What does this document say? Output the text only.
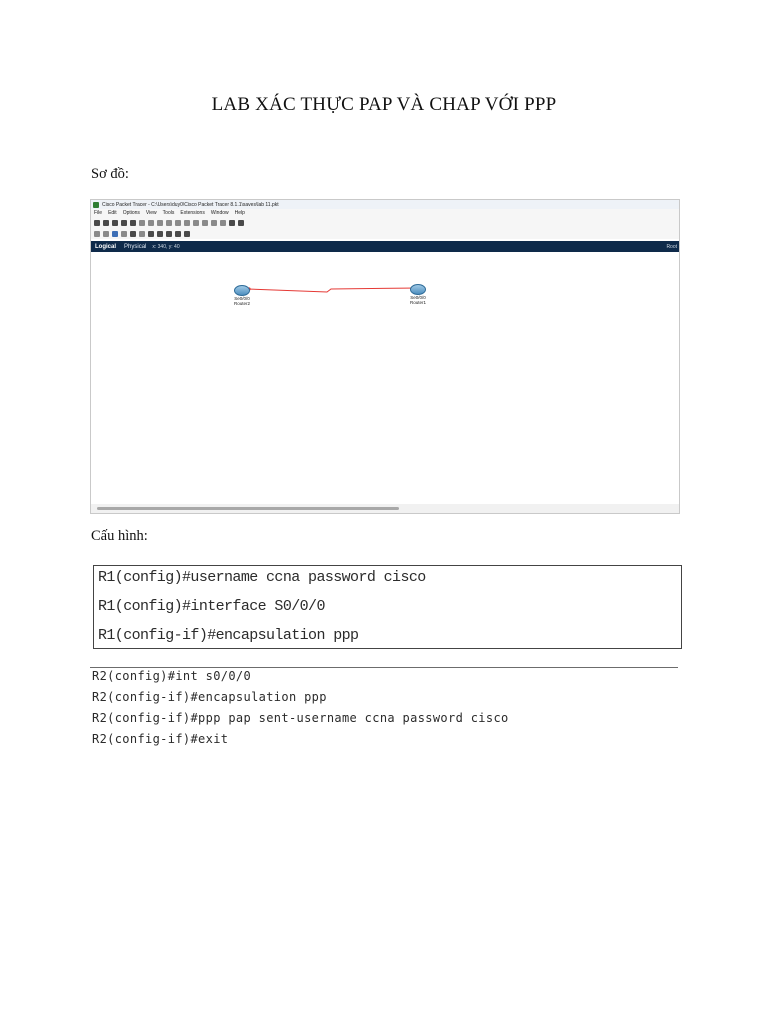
LAB XÁC THỰC PAP VÀ CHAP VỚI PPP
Sơ đồ:
Cisco Packet Tracer - C:\Users\duy0\Cisco Packet Tracer 8.1.1\saves\lab 11.pkt
File Edit Options View Tools Extensions Window Help
Logical	Physical	x: 340, y: 40	Root
Se0/0/0
Router2
Se0/0/0
Router1
Cấu hình:
R1(config)#username ccna password cisco
R1(config)#interface S0/0/0
R1(config-if)#encapsulation ppp
R2(config)#int s0/0/0
R2(config-if)#encapsulation ppp
R2(config-if)#ppp pap sent-username ccna password cisco
R2(config-if)#exit
